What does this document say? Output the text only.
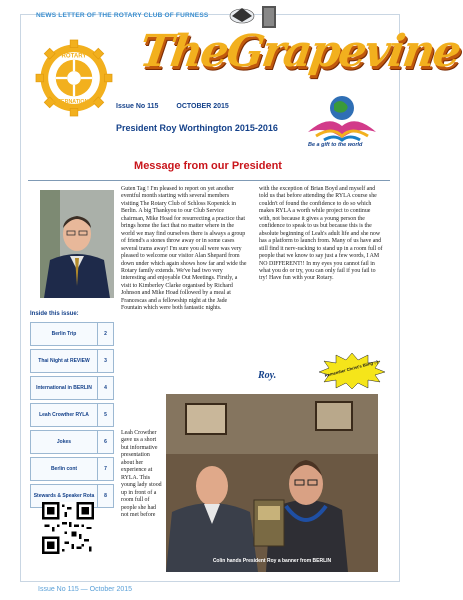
NEWS LETTER OF THE ROTARY CLUB OF FURNESS
ROTARY
INTERNATIONAL
TheGrapevine
Issue No 115	OCTOBER 2015
President Roy Worthington 2015-2016
Be a gift to the world
Message from our President
Inside this issue:
Berlin Trip	2
Thai Night at REVIEW	3
International in BERLIN	4
Leah Crowther RYLA	5
Jokes	6
Berlin cont	7
Stewards & Speaker Rota	8
Guten Tag ! I'm pleased to report on yet another eventful month starting with several members visiting The Rotary Club of Schloss Kopenick in Berlin. A big Thankyou to our Club Service chairman, Mike Hoad for resurrecting a practice that brings home the fact that no matter where in the world we may find ourselves there is always a group of friend's a stones throw away or in some cases several trams away! I'm sure you all were was very pleased to welcome our visitor Alan Shepard from down under which again shows how far and wide the Rotary family extends. We've had two very interesting and enjoyable Out Meetings. Firstly, a visit to Kimberley Clarke organised by Richard Johnson and Mike Hoad followed by a meal at Francescas and a fellowship night at the Jade Fountain which were both fantastic nights.
Leah Crowther gave us a short but informative presentation about her experience at RYLA. This young lady stood up in front of a room full of people she had not met before
with the exception of Brian Boyd and myself and told us that before attending the RYLA course she couldn't of found the confidence to do so which makes RYLA a worth while project to continue with, not because it gives a young person the confidence to speak to us but because this is the absolute beginning of Leah's adult life and she now has a platform to launch from. Many of us have and still find it nerv-racking to stand up in a room full of people that we know to say just a few words, I AM NO DIFFERENT!! In my eyes you cannot fail in what you do or try, you can only fail if you fail to try! Have fun with your Rotary.
Roy.	Remember Christ's Bling ;-)
Colin hands President Roy a banner from BERLIN
Issue No 115 — October 2015
